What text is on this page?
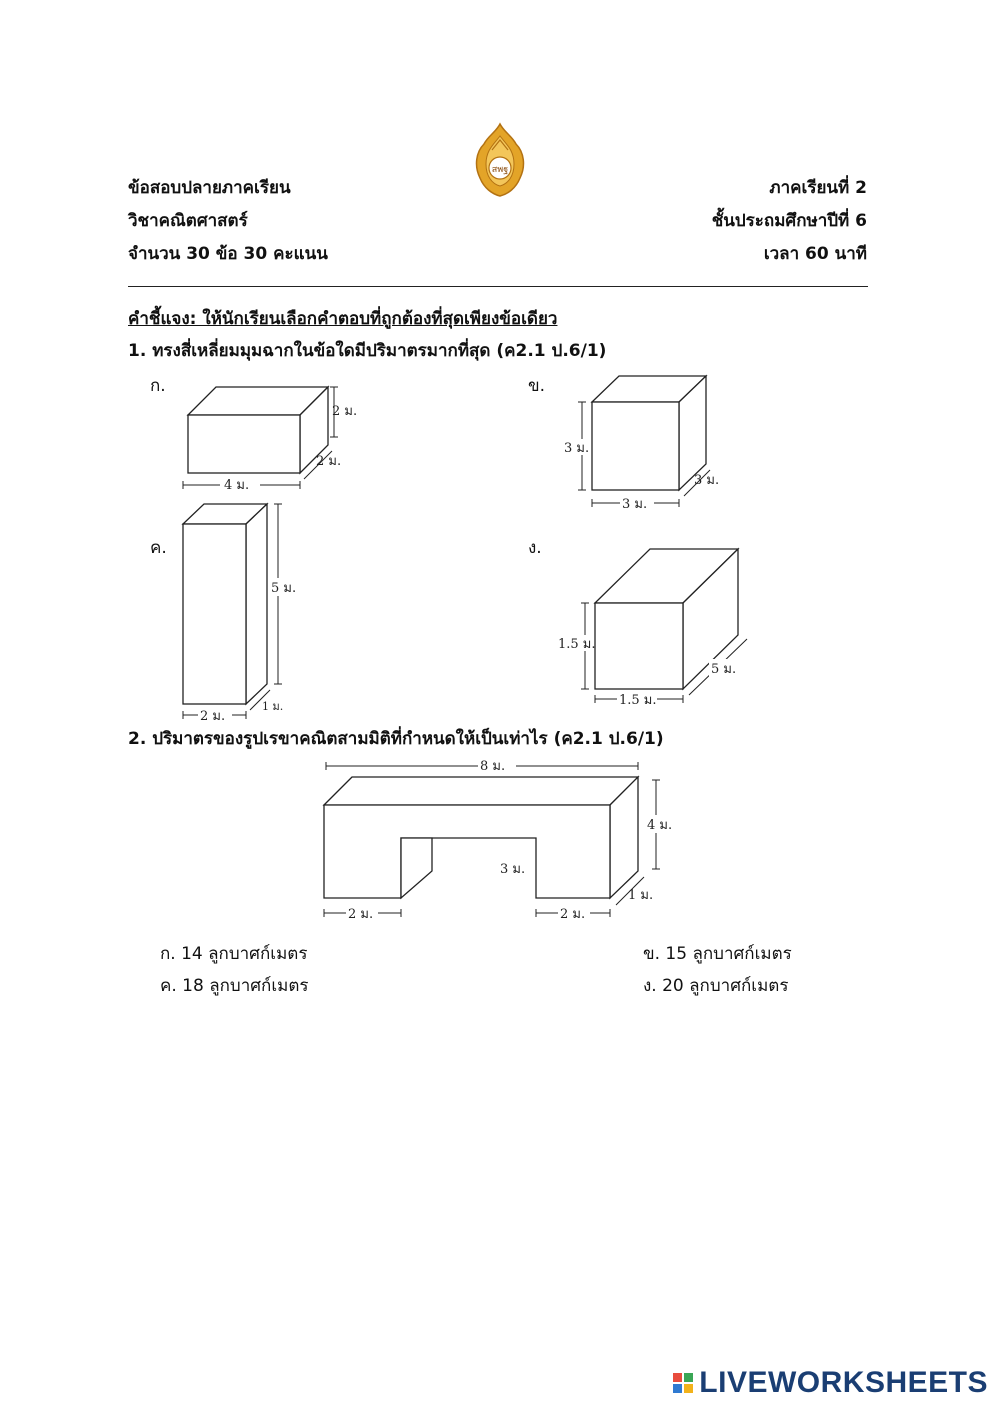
สพฐ
ข้อสอบปลายภาคเรียน
วิชาคณิตศาสตร์
จำนวน 30 ข้อ 30 คะแนน
ภาคเรียนที่ 2
ชั้นประถมศึกษาปีที่ 6
เวลา 60 นาที
คำชี้แจง: ให้นักเรียนเลือกคำตอบที่ถูกต้องที่สุดเพียงข้อเดียว
1. ทรงสี่เหลี่ยมมุมฉากในข้อใดมีปริมาตรมากที่สุด (ค2.1 ป.6/1)
ก.	ข.
ค.	ง.
2 ม.
2 ม.
4 ม.
3 ม.
3 ม.
3 ม.
5 ม.
1 ม.
2 ม.
1.5 ม.
5 ม.
1.5 ม.
2. ปริมาตรของรูปเรขาคณิตสามมิติที่กำหนดให้เป็นเท่าไร (ค2.1 ป.6/1)
8 ม.
4 ม.
1 ม.
3 ม.
2 ม.	2 ม.
ก. 14 ลูกบาศก์เมตร	ข. 15 ลูกบาศก์เมตร
ค. 18 ลูกบาศก์เมตร	ง. 20 ลูกบาศก์เมตร
LIVEWORKSHEETS
